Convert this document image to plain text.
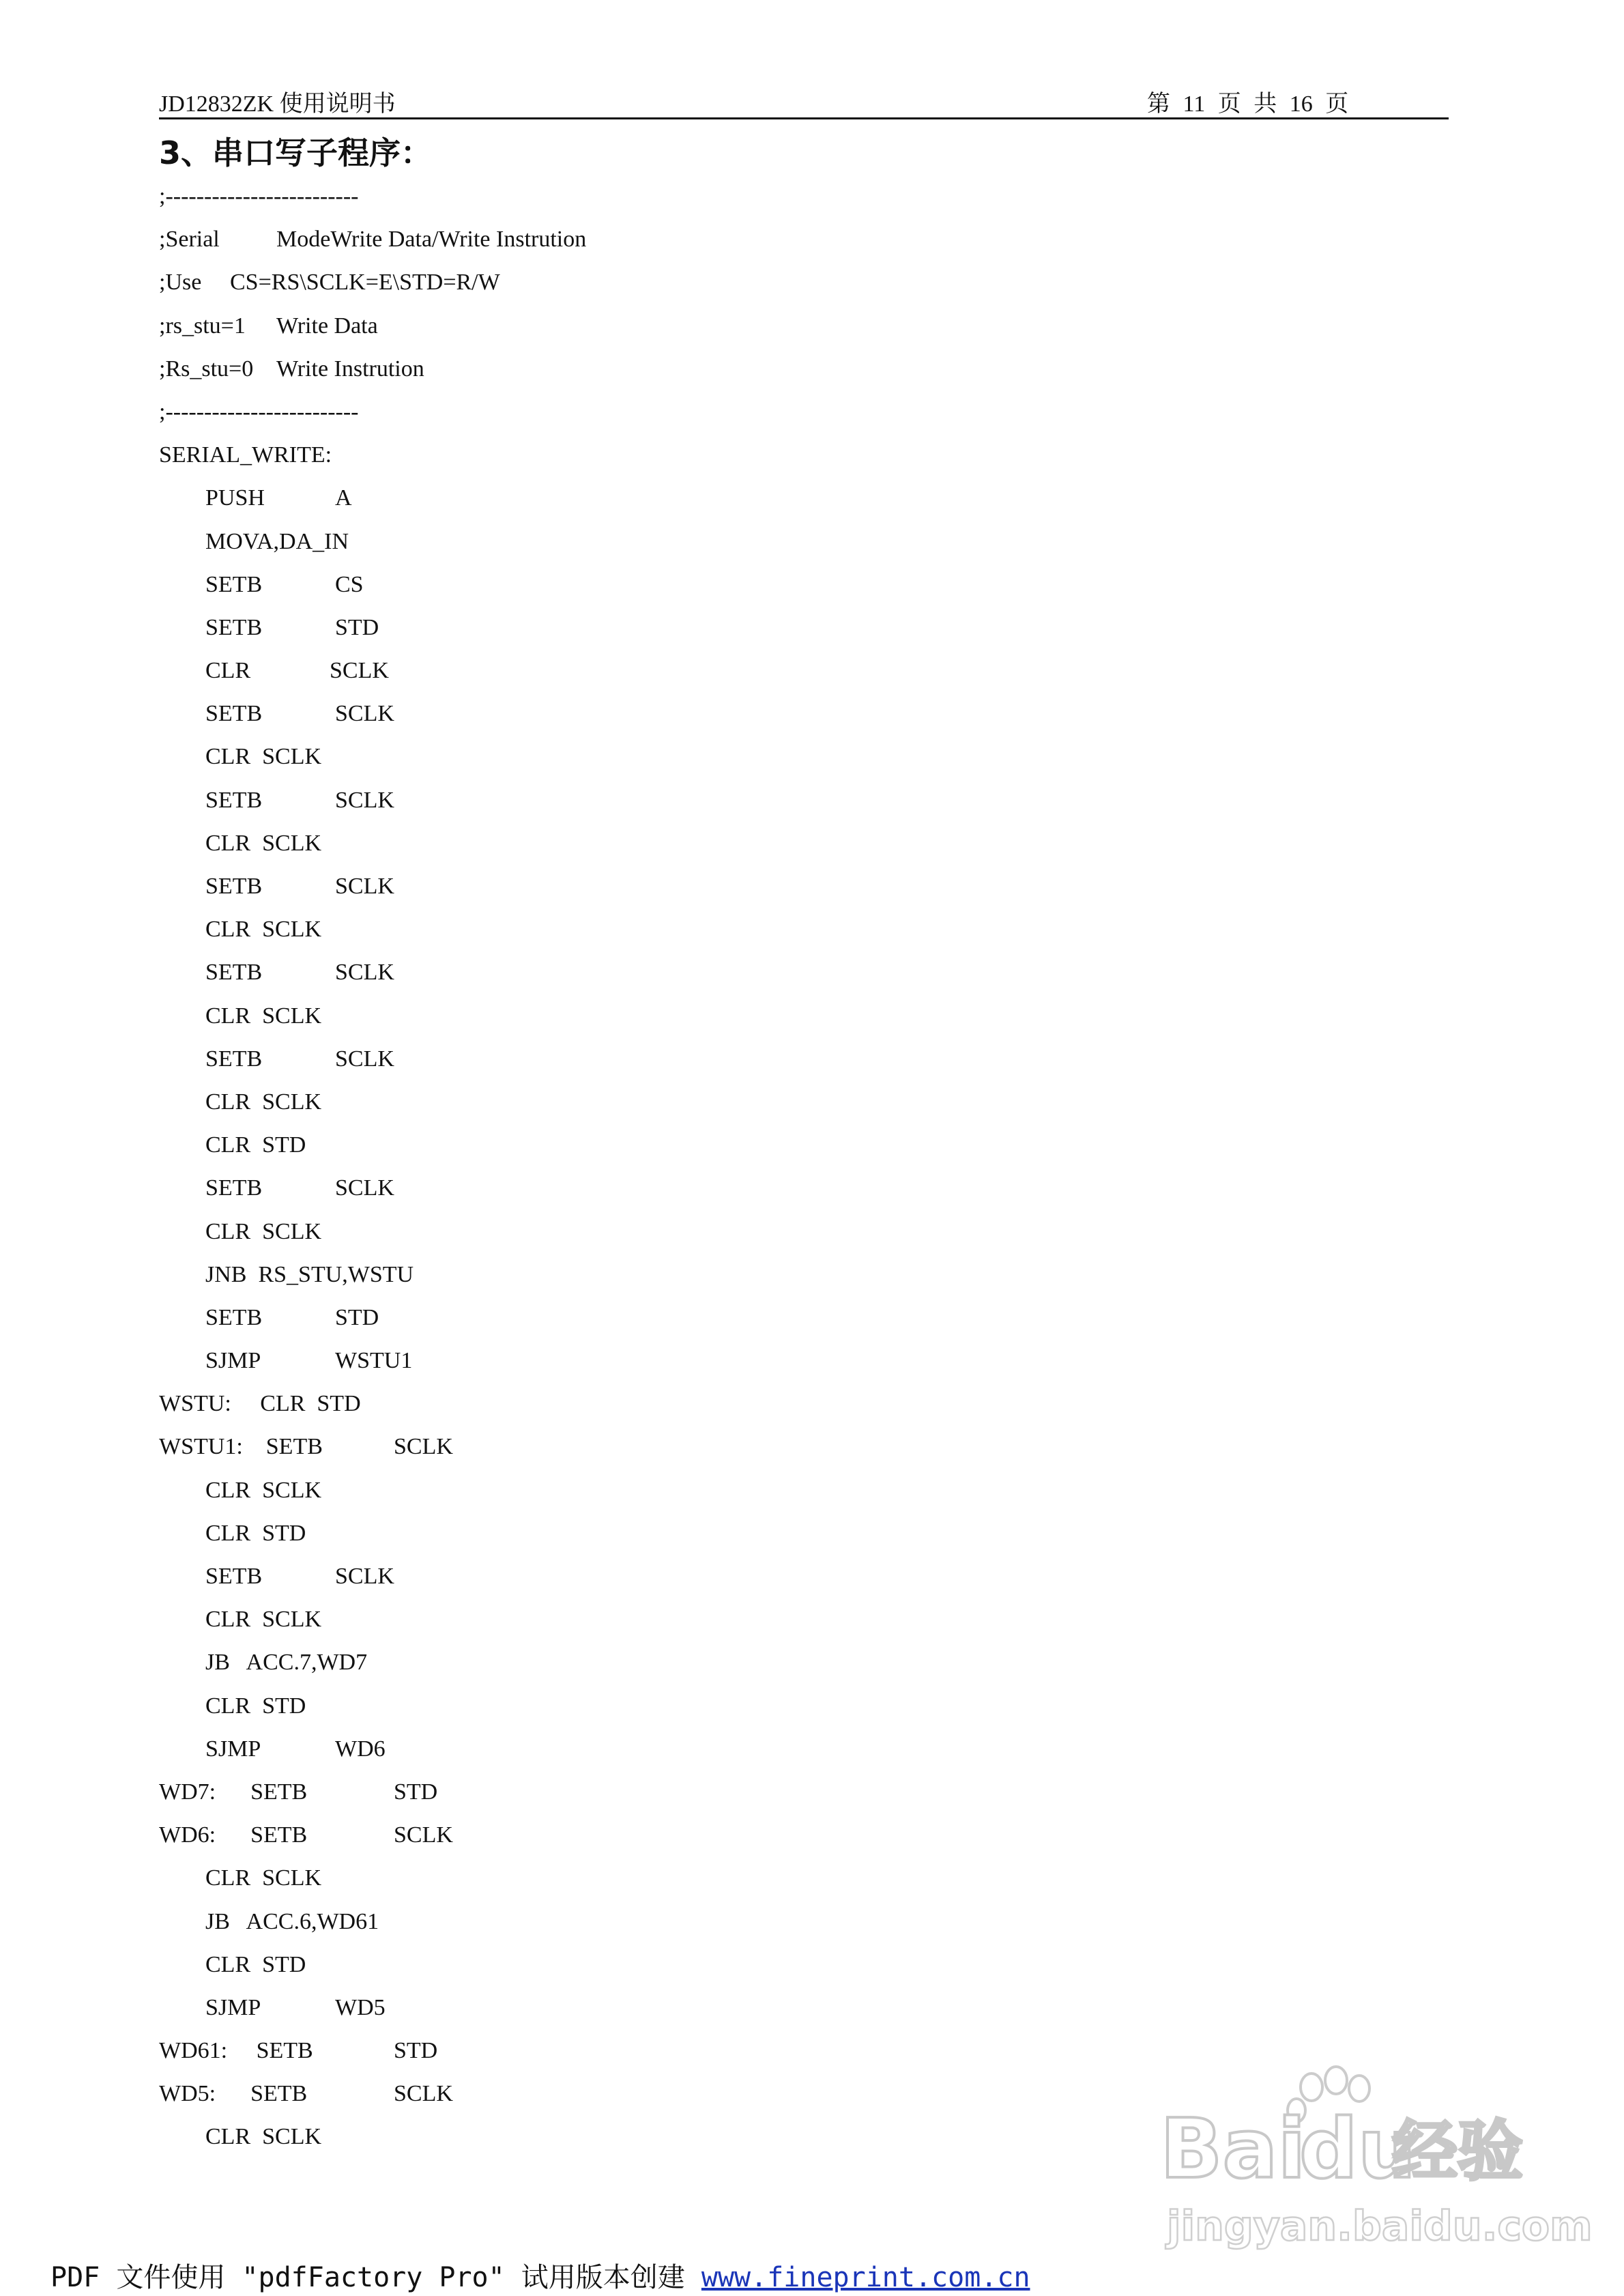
JD12832ZK 使用说明书	第 11 页 共 16 页
3、串口写子程序：
;-------------------------
;Serial ModeWrite Data/Write Instrution
;Use CS=RS\SCLK=E\STD=R/W
;rs_stu=1 Write Data
;Rs_stu=0 Write Instrution
;-------------------------
SERIAL_WRITE:
PUSH	A
MOVA,DA_IN
SETB	CS
SETB	STD
CLR	SCLK
SETB	SCLK
CLR  SCLK
SETB	SCLK
CLR  SCLK
SETB	SCLK
CLR  SCLK
SETB	SCLK
CLR  SCLK
SETB	SCLK
CLR  SCLK
CLR  STD
SETB	SCLK
CLR  SCLK
JNB  RS_STU,WSTU
SETB	STD
SJMP	WSTU1
WSTU:     CLR  STD
WSTU1:    SETB	SCLK
CLR  SCLK
CLR  STD
SETB	SCLK
CLR  SCLK
JB   ACC.7,WD7
CLR  STD
SJMP	WD6
WD7:      SETB	STD
WD6:      SETB	SCLK
CLR  SCLK
JB   ACC.6,WD61
CLR  STD
SJMP	WD5
WD61:     SETB	STD
WD5:      SETB	SCLK
CLR  SCLK	Bai
du
经验
jingyan.baidu.com
PDF 文件使用 "pdfFactory Pro" 试用版本创建 www.fineprint.com.cn
